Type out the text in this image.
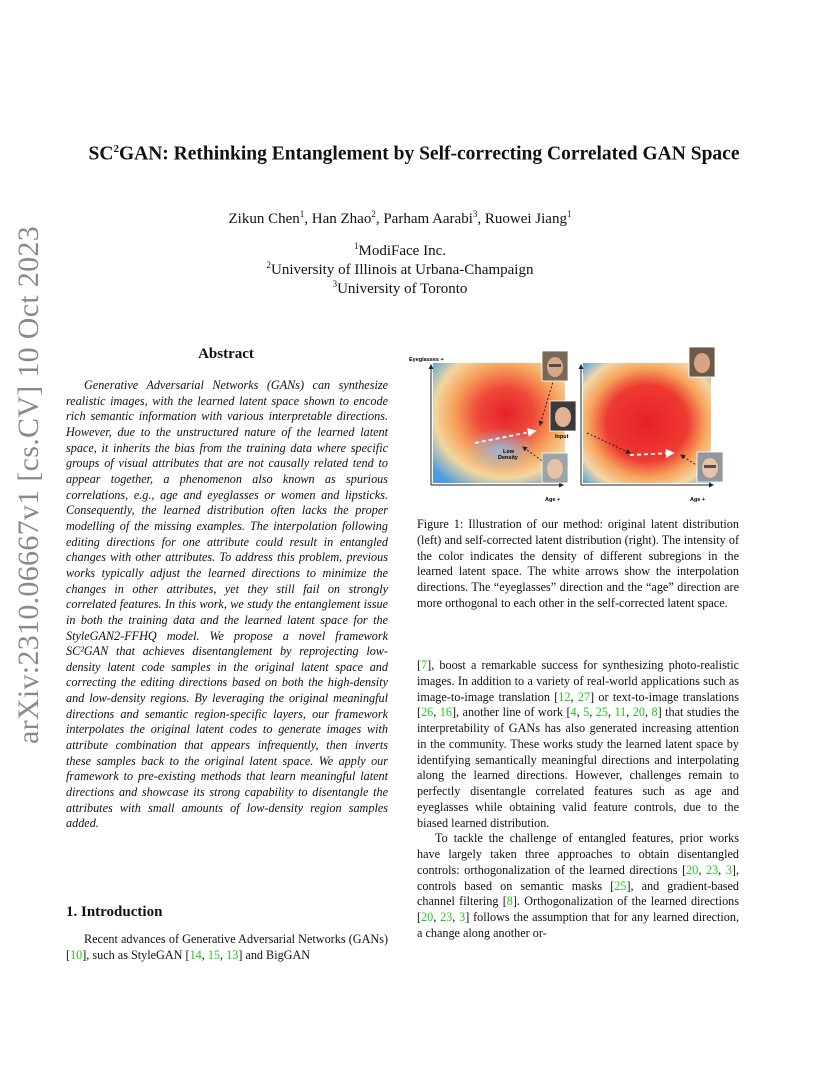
arXiv:2310.06667v1 [cs.CV] 10 Oct 2023
$SC^2GAN$: Rethinking Entanglement by Self-correcting Correlated GAN Space
Zikun Chen$^1$, Han Zhao$^2$, Parham Aarabi$^3$, Ruowei Jiang$^1$
$^1$ModiFace Inc.
$^2$University of Illinois at Urbana-Champaign
$^3$University of Toronto
Abstract

Generative Adversarial Networks (GANs) can synthesize realistic images, with the learned latent space shown to encode rich semantic information with various interpretable directions. However, due to the unstructured nature of the learned latent space, it inherits the bias from the training data where specific groups of visual attributes that are not causally related tend to appear together, a phenomenon also known as spurious correlations, e.g., age and eyeglasses or women and lipsticks. Consequently, the learned distribution often lacks the proper modelling of the missing examples. The interpolation following editing directions for one attribute could result in entangled changes with other attributes. To address this problem, previous works typically adjust the learned directions to minimize the changes in other attributes, yet they still fail on strongly correlated features. In this work, we study the entanglement issue in both the training data and the learned latent space for the StyleGAN2-FFHQ model. We propose a novel framework SC²GAN that achieves disentanglement by reprojecting low-density latent code samples in the original latent space and correcting the editing directions based on both the high-density and low-density regions. By leveraging the original meaningful directions and semantic region-specific layers, our framework interpolates the original latent codes to generate images with attribute combination that appears infrequently, then inverts these samples back to the original latent space. We apply our framework to pre-existing methods that learn meaningful latent directions and showcase its strong capability to disentangle the attributes with small amounts of low-density region samples added.

1. Introduction

Recent advances of Generative Adversarial Networks (GANs) [10], such as StyleGAN [14, 15, 13] and BigGAN

Eyeglasses +
Age +
Low Density
Input
Age +

Figure 1: Illustration of our method: original latent distribution (left) and self-corrected latent distribution (right). The intensity of the color indicates the density of different subregions in the learned latent space. The white arrows show the interpolation directions. The “eyeglasses” direction and the “age” direction are more orthogonal to each other in the self-corrected latent space.

[7], boost a remarkable success for synthesizing photo-realistic images. In addition to a variety of real-world applications such as image-to-image translation [12, 27] or text-to-image translations [26, 16], another line of work [4, 5, 25, 11, 20, 8] that studies the interpretability of GANs has also generated increasing attention in the community. These works study the learned latent space by identifying semantically meaningful directions and interpolating along the learned directions. However, challenges remain to perfectly disentangle correlated features such as age and eyeglasses while obtaining valid feature controls, due to the biased learned distribution.

To tackle the challenge of entangled features, prior works have largely taken three approaches to obtain disentangled controls: orthogonalization of the learned directions [20, 23, 3], controls based on semantic masks [25], and gradient-based channel filtering [8]. Orthogonalization of the learned directions [20, 23, 3] follows the assumption that for any learned direction, a change along another or-
